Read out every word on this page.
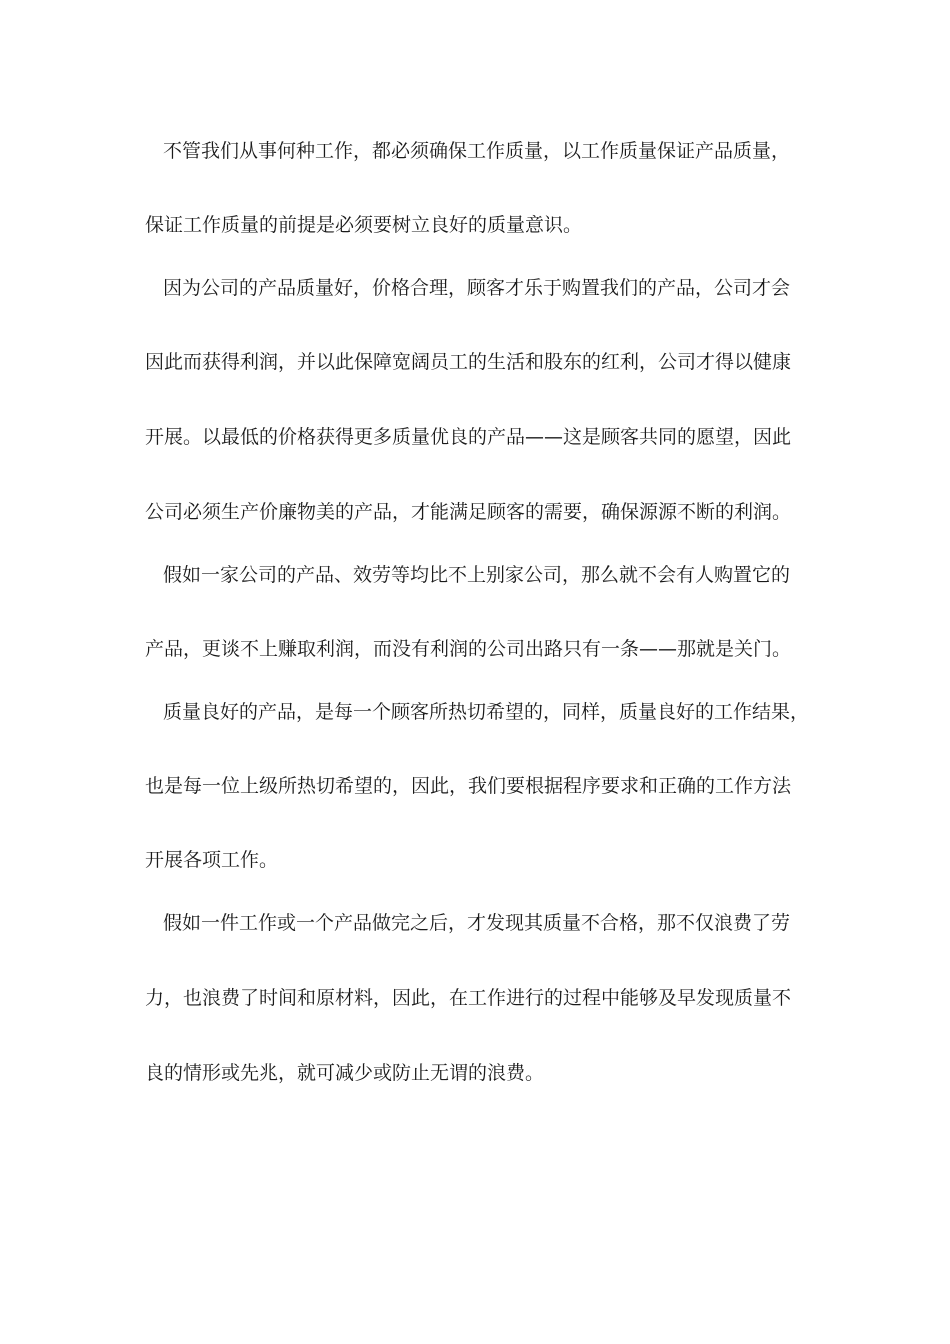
不管我们从事何种工作，都必须确保工作质量，以工作质量保证产品质量，
保证工作质量的前提是必须要树立良好的质量意识。
因为公司的产品质量好，价格合理，顾客才乐于购置我们的产品，公司才会
因此而获得利润，并以此保障宽阔员工的生活和股东的红利，公司才得以健康
开展。以最低的价格获得更多质量优良的产品——这是顾客共同的愿望，因此
公司必须生产价廉物美的产品，才能满足顾客的需要，确保源源不断的利润。
假如一家公司的产品、效劳等均比不上别家公司，那么就不会有人购置它的
产品，更谈不上赚取利润，而没有利润的公司出路只有一条——那就是关门。
质量良好的产品，是每一个顾客所热切希望的，同样，质量良好的工作结果，
也是每一位上级所热切希望的，因此，我们要根据程序要求和正确的工作方法
开展各项工作。
假如一件工作或一个产品做完之后，才发现其质量不合格，那不仅浪费了劳
力，也浪费了时间和原材料，因此，在工作进行的过程中能够及早发现质量不
良的情形或先兆，就可减少或防止无谓的浪费。
